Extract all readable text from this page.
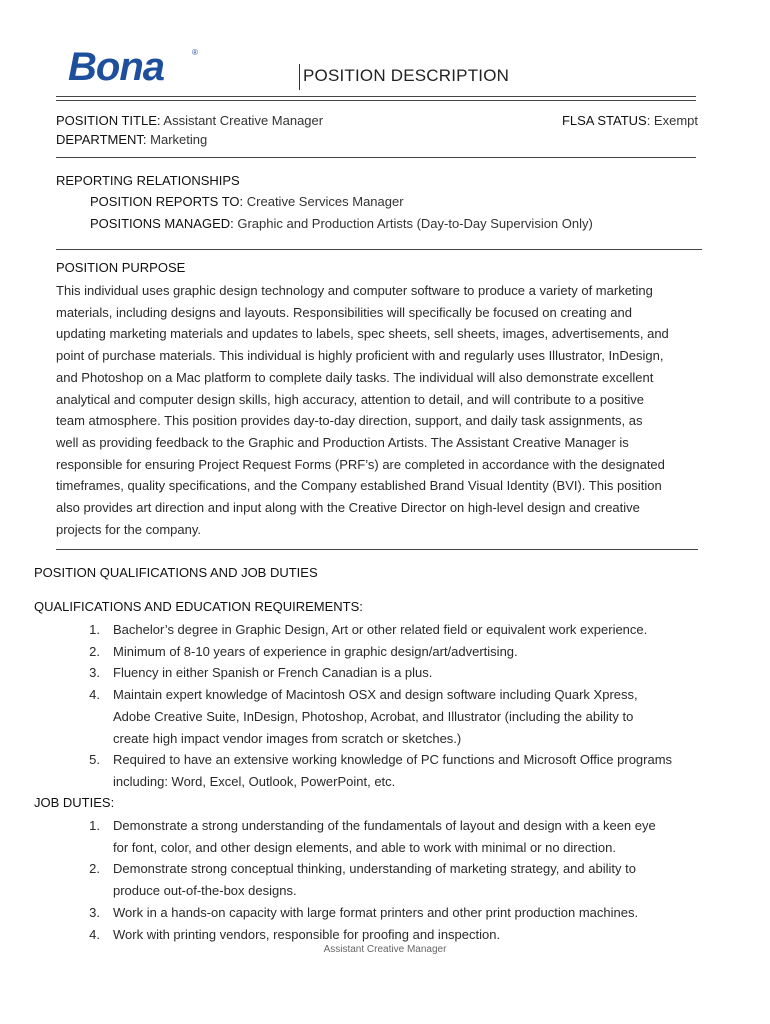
Bona	®
POSITION DESCRIPTION
POSITION TITLE: Assistant Creative Manager
DEPARTMENT: Marketing
FLSA STATUS: Exempt
REPORTING RELATIONSHIPS
POSITION REPORTS TO: Creative Services Manager
POSITIONS MANAGED: Graphic and Production Artists (Day-to-Day Supervision Only)
POSITION PURPOSE
This individual uses graphic design technology and computer software to produce a variety of marketing
materials, including designs and layouts. Responsibilities will specifically be focused on creating and
updating marketing materials and updates to labels, spec sheets, sell sheets, images, advertisements, and
point of purchase materials. This individual is highly proficient with and regularly uses Illustrator, InDesign,
and Photoshop on a Mac platform to complete daily tasks. The individual will also demonstrate excellent
analytical and computer design skills, high accuracy, attention to detail, and will contribute to a positive
team atmosphere. This position provides day-to-day direction, support, and daily task assignments, as
well as providing feedback to the Graphic and Production Artists. The Assistant Creative Manager is
responsible for ensuring Project Request Forms (PRF’s) are completed in accordance with the designated
timeframes, quality specifications, and the Company established Brand Visual Identity (BVI). This position
also provides art direction and input along with the Creative Director on high-level design and creative
projects for the company.
POSITION QUALIFICATIONS AND JOB DUTIES
QUALIFICATIONS AND EDUCATION REQUIREMENTS:
1. Bachelor’s degree in Graphic Design, Art or other related field or equivalent work experience.
2. Minimum of 8-10 years of experience in graphic design/art/advertising.
3. Fluency in either Spanish or French Canadian is a plus.
4. Maintain expert knowledge of Macintosh OSX and design software including Quark Xpress,
Adobe Creative Suite, InDesign, Photoshop, Acrobat, and Illustrator (including the ability to
create high impact vendor images from scratch or sketches.)
5. Required to have an extensive working knowledge of PC functions and Microsoft Office programs
including: Word, Excel, Outlook, PowerPoint, etc.
JOB DUTIES:
1. Demonstrate a strong understanding of the fundamentals of layout and design with a keen eye
for font, color, and other design elements, and able to work with minimal or no direction.
2. Demonstrate strong conceptual thinking, understanding of marketing strategy, and ability to
produce out-of-the-box designs.
3. Work in a hands-on capacity with large format printers and other print production machines.
4. Work with printing vendors, responsible for proofing and inspection.
Assistant Creative Manager
